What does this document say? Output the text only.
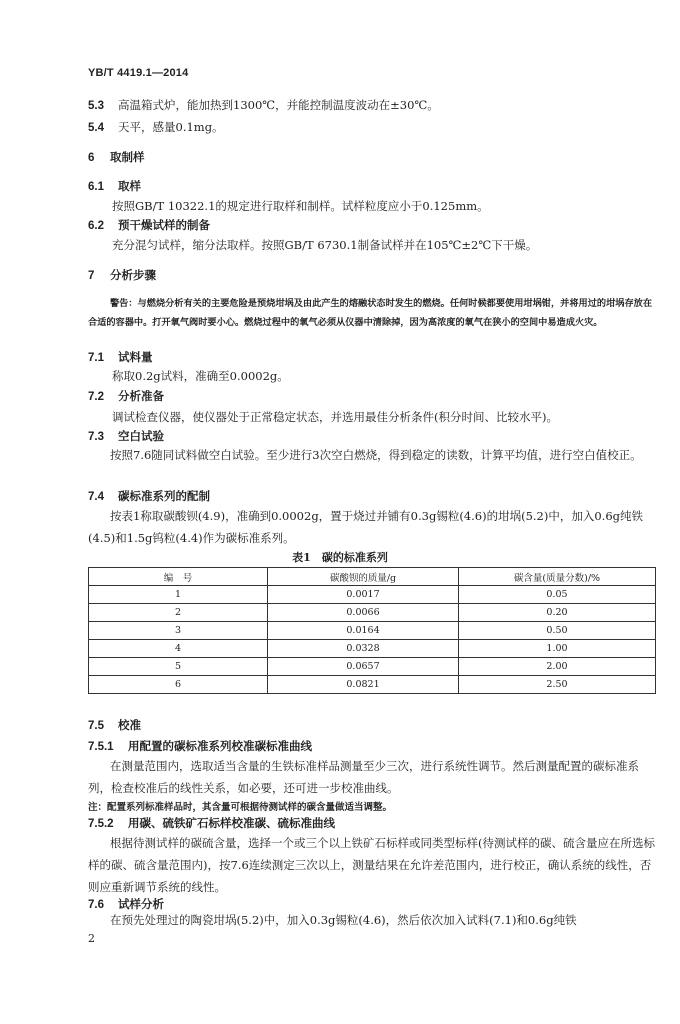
YB/T 4419.1—2014
5.3 高温箱式炉，能加热到1300℃，并能控制温度波动在±30℃。
5.4 天平，感量0.1mg。
6 取制样
6.1 取样
按照GB/T 10322.1的规定进行取样和制样。试样粒度应小于0.125mm。
6.2 预干燥试样的制备
充分混匀试样，缩分法取样。按照GB/T 6730.1制备试样并在105℃±2℃下干燥。
7 分析步骤
警告：与燃烧分析有关的主要危险是预烧坩埚及由此产生的熔融状态时发生的燃烧。任何时候都要使用坩埚钳，并将用过的坩埚存放在合适的容器中。打开氧气阀时要小心。燃烧过程中的氧气必须从仪器中清除掉，因为高浓度的氧气在狭小的空间中易造成火灾。
7.1 试料量
称取0.2g试料，准确至0.0002g。
7.2 分析准备
调试检查仪器，使仪器处于正常稳定状态，并选用最佳分析条件(积分时间、比较水平)。
7.3 空白试验
按照7.6随同试料做空白试验。至少进行3次空白燃烧，得到稳定的读数，计算平均值，进行空白值校正。
7.4 碳标准系列的配制
按表1称取碳酸钡(4.9)，准确到0.0002g，置于烧过并铺有0.3g锡粒(4.6)的坩埚(5.2)中，加入0.6g纯铁(4.5)和1.5g钨粒(4.4)作为碳标准系列。
表1　碳的标准系列
编　号	碳酸钡的质量/g	碳含量(质量分数)/%
1	0.0017	0.05
2	0.0066	0.20
3	0.0164	0.50
4	0.0328	1.00
5	0.0657	2.00
6	0.0821	2.50
7.5 校准
7.5.1 用配置的碳标准系列校准碳标准曲线
在测量范围内，选取适当含量的生铁标准样品测量至少三次，进行系统性调节。然后测量配置的碳标准系列，检查校准后的线性关系，如必要，还可进一步校准曲线。
注：配置系列标准样品时，其含量可根据待测试样的碳含量做适当调整。
7.5.2 用碳、硫铁矿石标样校准碳、硫标准曲线
根据待测试样的碳硫含量，选择一个或三个以上铁矿石标样或同类型标样(待测试样的碳、硫含量应在所选标样的碳、硫含量范围内)，按7.6连续测定三次以上，测量结果在允许差范围内，进行校正，确认系统的线性，否则应重新调节系统的线性。
7.6 试样分析
在预先处理过的陶瓷坩埚(5.2)中，加入0.3g锡粒(4.6)，然后依次加入试料(7.1)和0.6g纯铁
2
